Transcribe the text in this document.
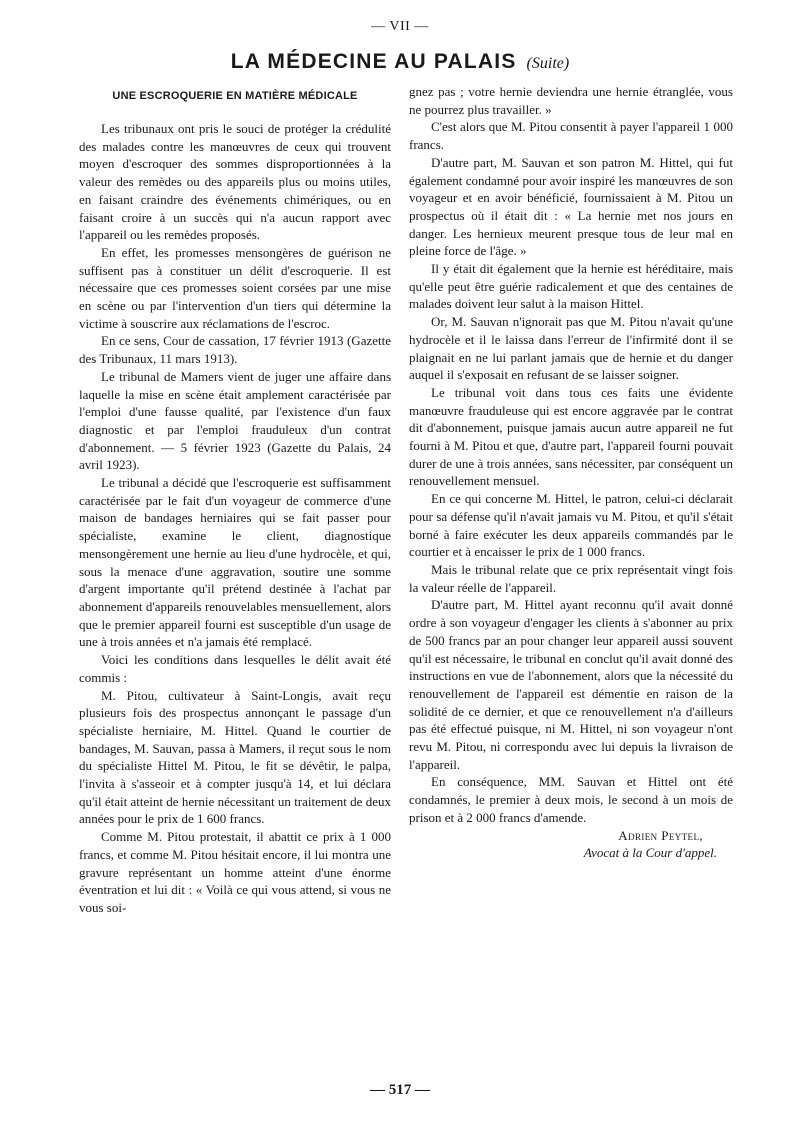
— VII —
LA MÉDECINE AU PALAIS (Suite)
UNE ESCROQUERIE EN MATIÈRE MÉDICALE

Les tribunaux ont pris le souci de protéger la crédulité des malades contre les manœuvres de ceux qui trouvent moyen d'escroquer des sommes disproportionnées à la valeur des remèdes ou des appareils plus ou moins utiles, en faisant craindre des événements chimériques, ou en faisant croire à un succès qui n'a aucun rapport avec l'appareil ou les remèdes proposés.

En effet, les promesses mensongères de guérison ne suffisent pas à constituer un délit d'escroquerie. Il est nécessaire que ces promesses soient corsées par une mise en scène ou par l'intervention d'un tiers qui détermine la victime à souscrire aux réclamations de l'escroc.

En ce sens, Cour de cassation, 17 février 1913 (Gazette des Tribunaux, 11 mars 1913).

Le tribunal de Mamers vient de juger une affaire dans laquelle la mise en scène était amplement caractérisée par l'emploi d'une fausse qualité, par l'existence d'un faux diagnostic et par l'emploi frauduleux d'un contrat d'abonnement. — 5 février 1923 (Gazette du Palais, 24 avril 1923).

Le tribunal a décidé que l'escroquerie est suffisamment caractérisée par le fait d'un voyageur de commerce d'une maison de bandages herniaires qui se fait passer pour spécialiste, examine le client, diagnostique mensongèrement une hernie au lieu d'une hydrocèle, et qui, sous la menace d'une aggravation, soutire une somme d'argent importante qu'il prétend destinée à l'achat par abonnement d'appareils renouvelables mensuellement, alors que le premier appareil fourni est susceptible d'un usage de une à trois années et n'a jamais été remplacé.

Voici les conditions dans lesquelles le délit avait été commis :

M. Pitou, cultivateur à Saint-Longis, avait reçu plusieurs fois des prospectus annonçant le passage d'un spécialiste herniaire, M. Hittel. Quand le courtier de bandages, M. Sauvan, passa à Mamers, il reçut sous le nom du spécialiste Hittel M. Pitou, le fit se dévêtir, le palpa, l'invita à s'asseoir et à compter jusqu'à 14, et lui déclara qu'il était atteint de hernie nécessitant un traitement de deux années pour le prix de 1 600 francs.

Comme M. Pitou protestait, il abattit ce prix à 1 000 francs, et comme M. Pitou hésitait encore, il lui montra une gravure représentant un homme atteint d'une énorme éventration et lui dit : « Voilà ce qui vous attend, si vous ne vous soi-

gnez pas ; votre hernie deviendra une hernie étranglée, vous ne pourrez plus travailler. »

C'est alors que M. Pitou consentit à payer l'appareil 1 000 francs.

D'autre part, M. Sauvan et son patron M. Hittel, qui fut également condamné pour avoir inspiré les manœuvres de son voyageur et en avoir bénéficié, fournissaient à M. Pitou un prospectus où il était dit : « La hernie met nos jours en danger. Les hernieux meurent presque tous de leur mal en pleine force de l'âge. »

Il y était dit également que la hernie est héréditaire, mais qu'elle peut être guérie radicalement et que des centaines de malades doivent leur salut à la maison Hittel.

Or, M. Sauvan n'ignorait pas que M. Pitou n'avait qu'une hydrocèle et il le laissa dans l'erreur de l'infirmité dont il se plaignait en ne lui parlant jamais que de hernie et du danger auquel il s'exposait en refusant de se laisser soigner.

Le tribunal voit dans tous ces faits une évidente manœuvre frauduleuse qui est encore aggravée par le contrat dit d'abonnement, puisque jamais aucun autre appareil ne fut fourni à M. Pitou et que, d'autre part, l'appareil fourni pouvait durer de une à trois années, sans nécessiter, par conséquent un renouvellement mensuel.

En ce qui concerne M. Hittel, le patron, celui-ci déclarait pour sa défense qu'il n'avait jamais vu M. Pitou, et qu'il s'était borné à faire exécuter les deux appareils commandés par le courtier et à encaisser le prix de 1 000 francs.

Mais le tribunal relate que ce prix représentait vingt fois la valeur réelle de l'appareil.

D'autre part, M. Hittel ayant reconnu qu'il avait donné ordre à son voyageur d'engager les clients à s'abonner au prix de 500 francs par an pour changer leur appareil aussi souvent qu'il est nécessaire, le tribunal en conclut qu'il avait donné des instructions en vue de l'abonnement, alors que la nécessité du renouvellement de l'appareil est démentie en raison de la solidité de ce dernier, et que ce renouvellement n'a d'ailleurs pas été effectué puisque, ni M. Hittel, ni son voyageur n'ont revu M. Pitou, ni correspondu avec lui depuis la livraison de l'appareil.

En conséquence, MM. Sauvan et Hittel ont été condamnés, le premier à deux mois, le second à un mois de prison et à 2 000 francs d'amende.

Adrien Peytel,

Avocat à la Cour d'appel.

— 517 —
